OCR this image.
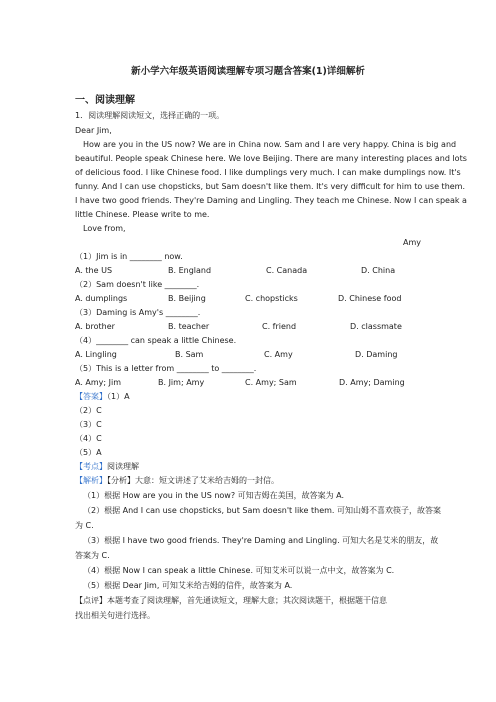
新小学六年级英语阅读理解专项习题含答案(1)详细解析
一、阅读理解
1．阅读理解阅读短文，选择正确的一项。
Dear Jim,
How are you in the US now? We are in China now. Sam and I are very happy. China is big and
beautiful. People speak Chinese here. We love Beijing. There are many interesting places and lots
of delicious food. I like Chinese food. I like dumplings very much. I can make dumplings now. It's
funny. And I can use chopsticks, but Sam doesn't like them. It's very difficult for him to use them.
I have two good friends. They're Daming and Lingling. They teach me Chinese. Now I can speak a
little Chinese. Please write to me.
Love from,
Amy
（1）Jim is in ________ now.
A. the US	B. England	C. Canada	D. China
（2）Sam doesn't like ________.
A. dumplings	B. Beijing	C. chopsticks	D. Chinese food
（3）Daming is Amy's ________.
A. brother	B. teacher	C. friend	D. classmate
（4）________ can speak a little Chinese.
A. Lingling	B. Sam	C. Amy	D. Daming
（5）This is a letter from ________ to ________.
A. Amy; Jim	B. Jim; Amy	C. Amy; Sam	D. Amy; Daming
【答案】（1）A
（2）C
（3）C
（4）C
（5）A
【考点】阅读理解
【解析】【分析】大意：短文讲述了艾米给吉姆的一封信。
（1）根据 How are you in the US now? 可知吉姆在美国，故答案为 A.
（2）根据 And I can use chopsticks, but Sam doesn't like them. 可知山姆不喜欢筷子，故答案
为 C.
（3）根据 I have two good friends. They're Daming and Lingling. 可知大名是艾米的朋友，故
答案为 C.
（4）根据 Now I can speak a little Chinese. 可知艾米可以说一点中文，故答案为 C.
（5）根据 Dear Jim, 可知艾米给吉姆的信件，故答案为 A.
【点评】本题考查了阅读理解，首先通读短文，理解大意；其次阅读题干，根据题干信息
找出相关句进行选择。
